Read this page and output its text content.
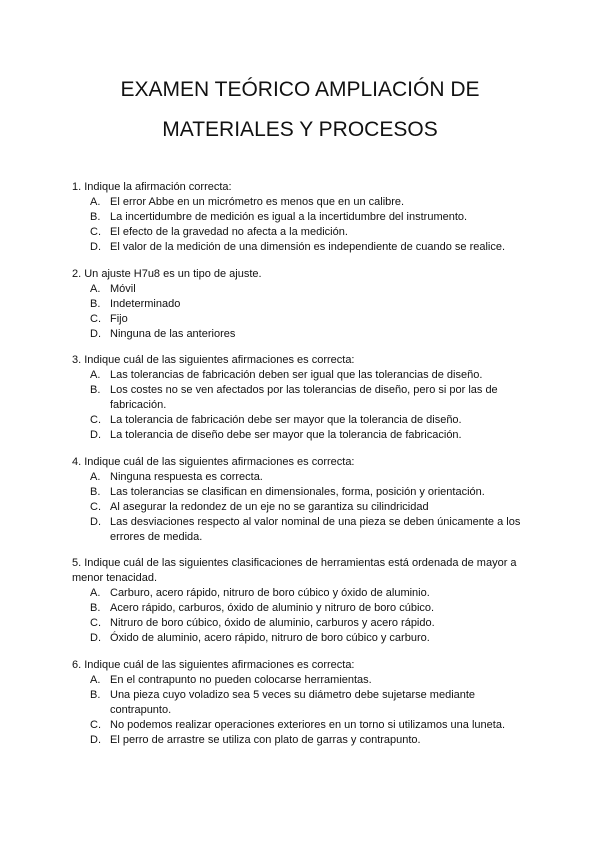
EXAMEN TEÓRICO AMPLIACIÓN DE
MATERIALES Y PROCESOS
1. Indique la afirmación correcta:
A. El error Abbe en un micrómetro es menos que en un calibre.
B. La incertidumbre de medición es igual a la incertidumbre del instrumento.
C. El efecto de la gravedad no afecta a la medición.
D. El valor de la medición de una dimensión es independiente de cuando se realice.
2. Un ajuste H7u8 es un tipo de ajuste.
A. Móvil
B. Indeterminado
C. Fijo
D. Ninguna de las anteriores
3. Indique cuál de las siguientes afirmaciones es correcta:
A. Las tolerancias de fabricación deben ser igual que las tolerancias de diseño.
B. Los costes no se ven afectados por las tolerancias de diseño, pero si por las de fabricación.
C. La tolerancia de fabricación debe ser mayor que la tolerancia de diseño.
D. La tolerancia de diseño debe ser mayor que la tolerancia de fabricación.
4. Indique cuál de las siguientes afirmaciones es correcta:
A. Ninguna respuesta es correcta.
B. Las tolerancias se clasifican en dimensionales, forma, posición y orientación.
C. Al asegurar la redondez de un eje no se garantiza su cilindricidad
D. Las desviaciones respecto al valor nominal de una pieza se deben únicamente a los errores de medida.
5. Indique cuál de las siguientes clasificaciones de herramientas está ordenada de mayor a menor tenacidad.
A. Carburo, acero rápido, nitruro de boro cúbico y óxido de aluminio.
B. Acero rápido, carburos, óxido de aluminio y nitruro de boro cúbico.
C. Nitruro de boro cúbico, óxido de aluminio, carburos y acero rápido.
D. Óxido de aluminio, acero rápido, nitruro de boro cúbico y carburo.
6. Indique cuál de las siguientes afirmaciones es correcta:
A. En el contrapunto no pueden colocarse herramientas.
B. Una pieza cuyo voladizo sea 5 veces su diámetro debe sujetarse mediante contrapunto.
C. No podemos realizar operaciones exteriores en un torno si utilizamos una luneta.
D. El perro de arrastre se utiliza con plato de garras y contrapunto.
